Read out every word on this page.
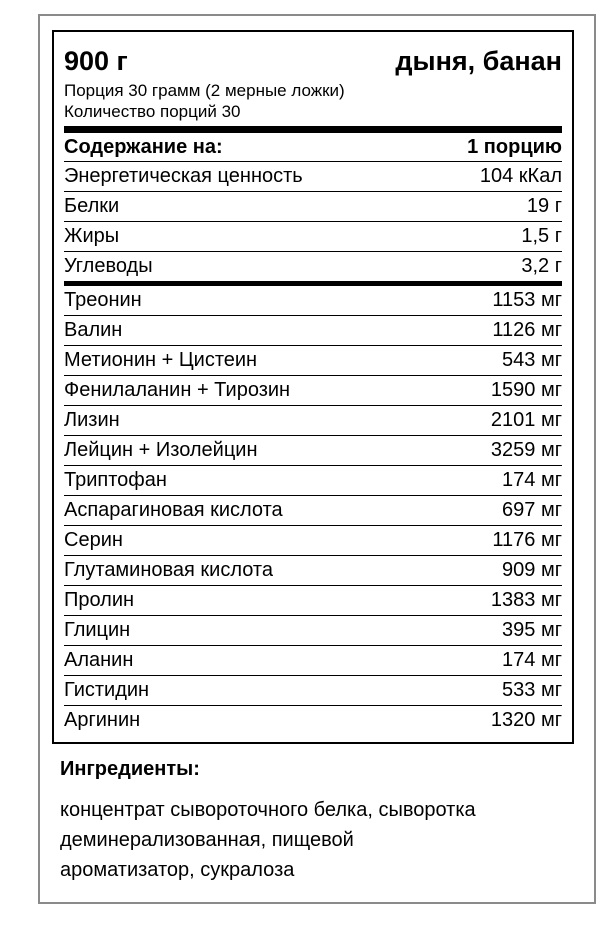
900 г	дыня, банан
Порция 30 грамм (2 мерные ложки)
Количество порций 30
Содержание на:	1 порцию
Энергетическая ценность	104 кКал
Белки	19 г
Жиры	1,5 г
Углеводы	3,2 г
Треонин	1153 мг
Валин	1126 мг
Метионин + Цистеин	543 мг
Фенилаланин + Тирозин	1590 мг
Лизин	2101 мг
Лейцин + Изолейцин	3259 мг
Триптофан	174 мг
Аспарагиновая кислота	697 мг
Серин	1176 мг
Глутаминовая кислота	909 мг
Пролин	1383 мг
Глицин	395 мг
Аланин	174 мг
Гистидин	533 мг
Аргинин	1320 мг
Ингредиенты:
концентрат сывороточного белка, сыворотка
деминерализованная, пищевой
ароматизатор, сукралоза
